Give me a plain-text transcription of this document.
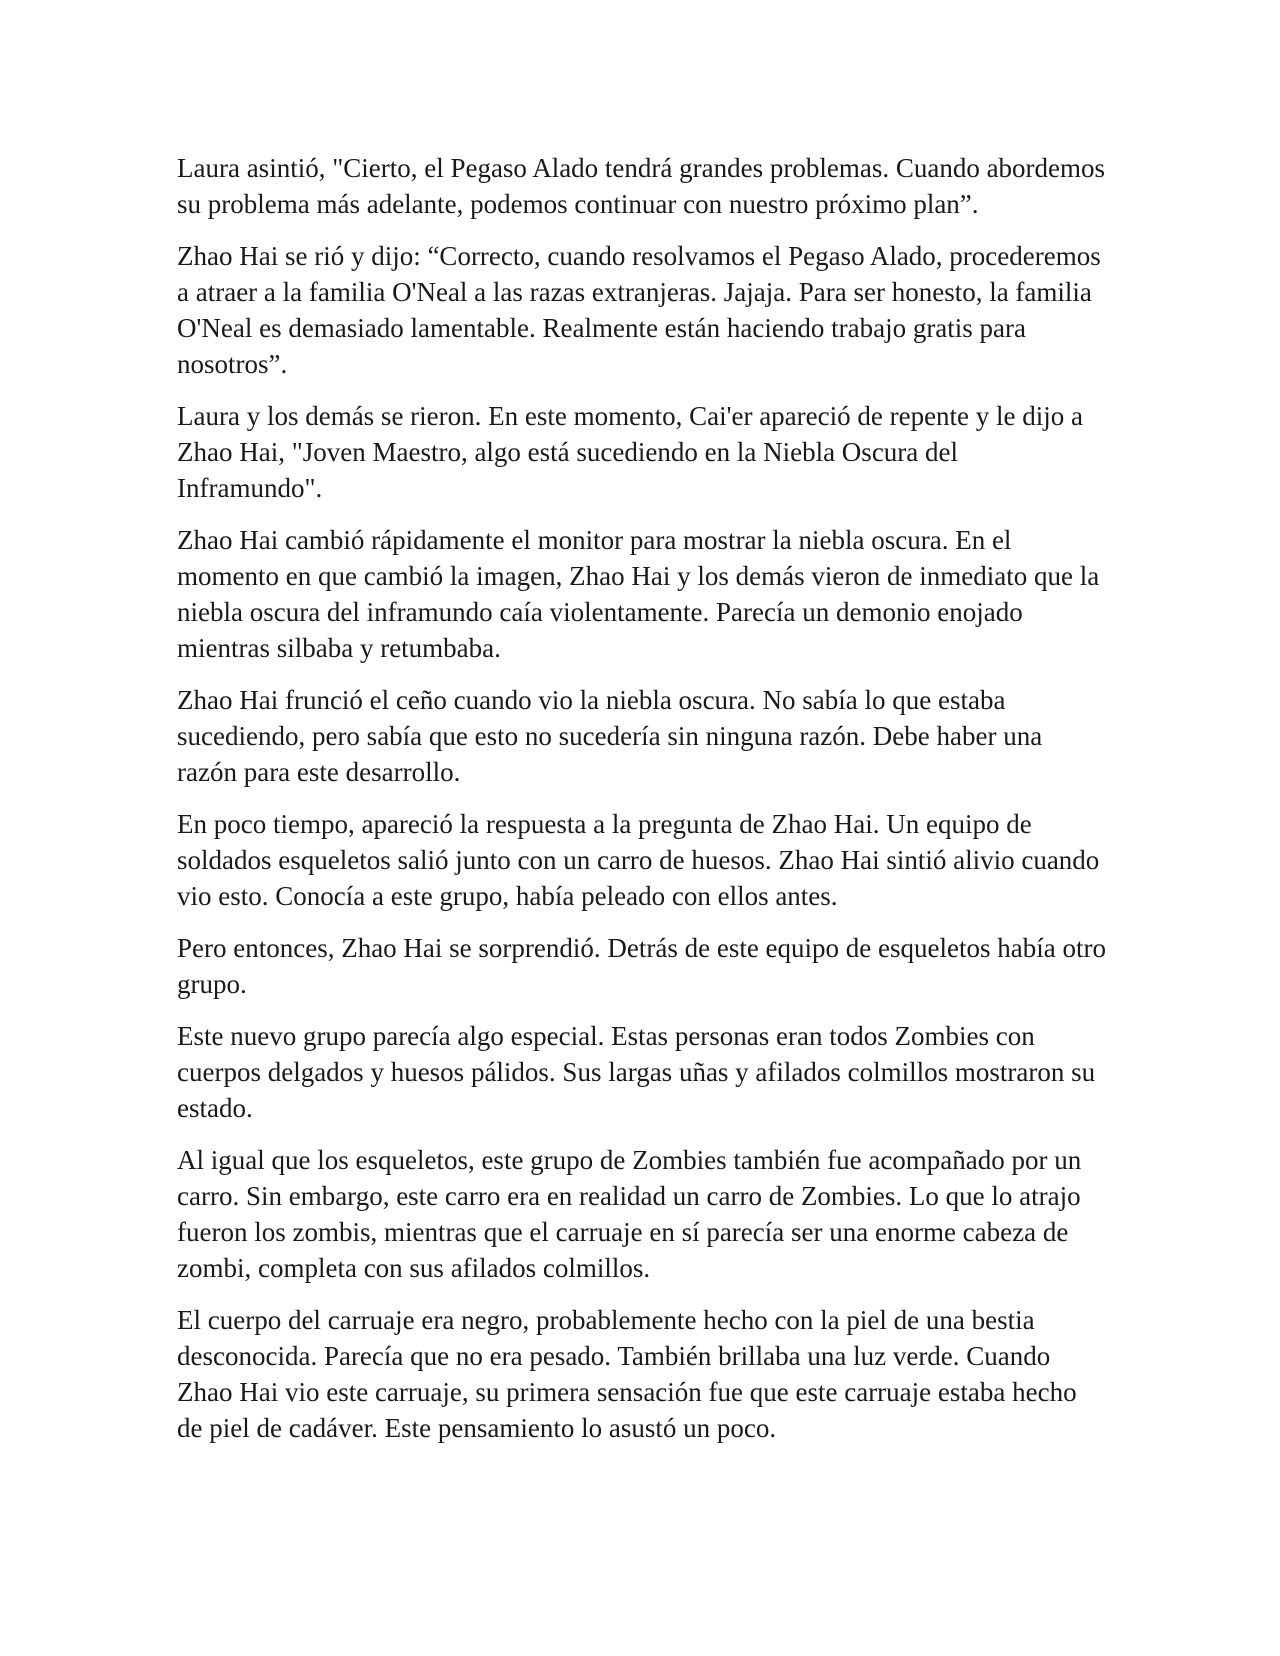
Laura asintió, "Cierto, el Pegaso Alado tendrá grandes problemas. Cuando abordemos su problema más adelante, podemos continuar con nuestro próximo plan”.

Zhao Hai se rió y dijo: “Correcto, cuando resolvamos el Pegaso Alado, procederemos a atraer a la familia O'Neal a las razas extranjeras. Jajaja. Para ser honesto, la familia O'Neal es demasiado lamentable. Realmente están haciendo trabajo gratis para nosotros”.

Laura y los demás se rieron. En este momento, Cai'er apareció de repente y le dijo a Zhao Hai, "Joven Maestro, algo está sucediendo en la Niebla Oscura del Inframundo".

Zhao Hai cambió rápidamente el monitor para mostrar la niebla oscura. En el momento en que cambió la imagen, Zhao Hai y los demás vieron de inmediato que la niebla oscura del inframundo caía violentamente. Parecía un demonio enojado mientras silbaba y retumbaba.

Zhao Hai frunció el ceño cuando vio la niebla oscura. No sabía lo que estaba sucediendo, pero sabía que esto no sucedería sin ninguna razón. Debe haber una razón para este desarrollo.

En poco tiempo, apareció la respuesta a la pregunta de Zhao Hai. Un equipo de soldados esqueletos salió junto con un carro de huesos. Zhao Hai sintió alivio cuando vio esto. Conocía a este grupo, había peleado con ellos antes.

Pero entonces, Zhao Hai se sorprendió. Detrás de este equipo de esqueletos había otro grupo.

Este nuevo grupo parecía algo especial. Estas personas eran todos Zombies con cuerpos delgados y huesos pálidos. Sus largas uñas y afilados colmillos mostraron su estado.

Al igual que los esqueletos, este grupo de Zombies también fue acompañado por un carro. Sin embargo, este carro era en realidad un carro de Zombies. Lo que lo atrajo fueron los zombis, mientras que el carruaje en sí parecía ser una enorme cabeza de zombi, completa con sus afilados colmillos.

El cuerpo del carruaje era negro, probablemente hecho con la piel de una bestia desconocida. Parecía que no era pesado. También brillaba una luz verde. Cuando Zhao Hai vio este carruaje, su primera sensación fue que este carruaje estaba hecho de piel de cadáver. Este pensamiento lo asustó un poco.
